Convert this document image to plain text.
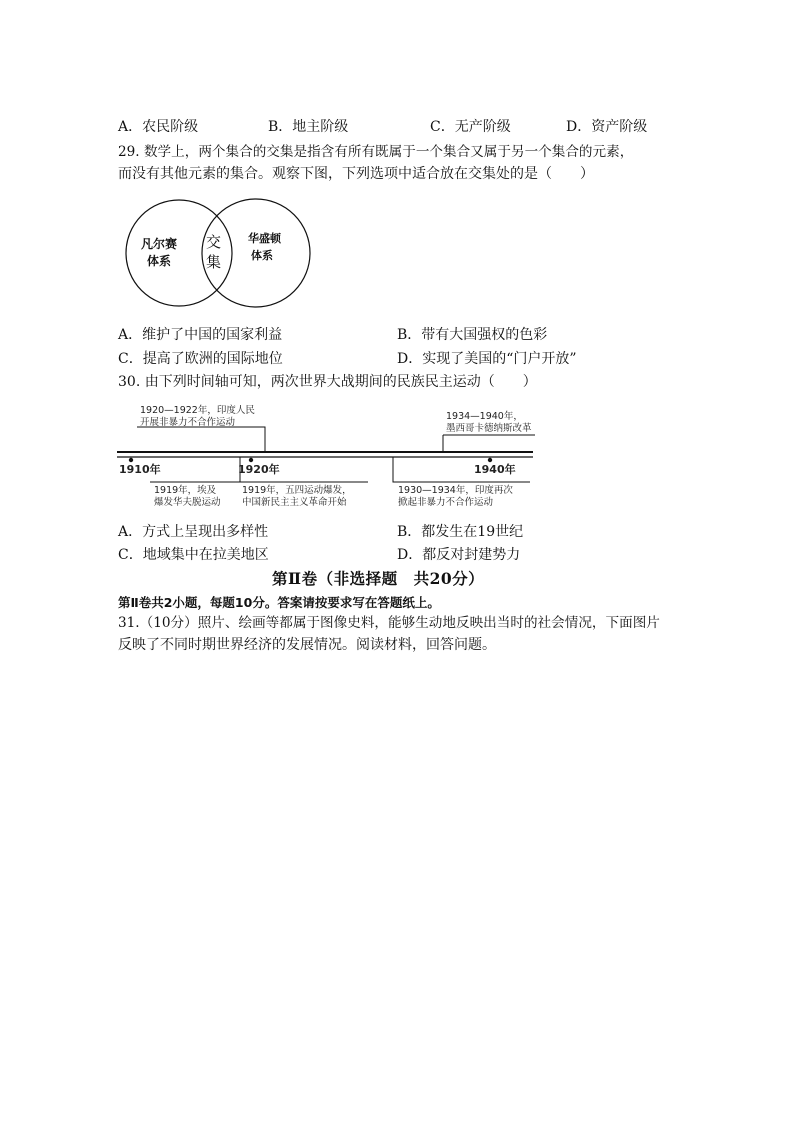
A．农民阶级	B．地主阶级	C．无产阶级	D．资产阶级
29. 数学上，两个集合的交集是指含有所有既属于一个集合又属于另一个集合的元素，
而没有其他元素的集合。观察下图，下列选项中适合放在交集处的是（　　）
凡尔赛
体系
交
集
华盛顿
体系
A．维护了中国的国家利益	B．带有大国强权的色彩
C．提高了欧洲的国际地位	D．实现了美国的“门户开放”
30. 由下列时间轴可知，两次世界大战期间的民族民主运动（　　）
1920—1922年，印度人民
开展非暴力不合作运动
1934—1940年，
墨西哥卡德纳斯改革
1910年	1920年	1940年
1919年，埃及
爆发华夫脱运动
1919年，五四运动爆发，
中国新民主主义革命开始
1930—1934年，印度再次
掀起非暴力不合作运动
A．方式上呈现出多样性	B．都发生在19世纪
C．地域集中在拉美地区	D．都反对封建势力
第Ⅱ卷（非选择题　共20分）
第Ⅱ卷共2小题，每题10分。答案请按要求写在答题纸上。
31.（10分）照片、绘画等都属于图像史料，能够生动地反映出当时的社会情况，下面图片
反映了不同时期世界经济的发展情况。阅读材料，回答问题。
